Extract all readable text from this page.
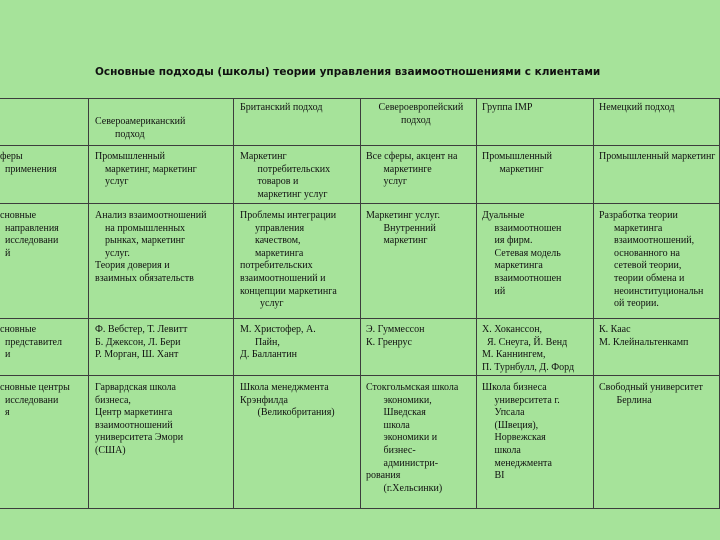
Основные подходы (школы) теории управления взаимоотношениями с клиентами
Североамериканский
подход
Британский подход	Североевропейский
подход
Группа IMP	Немецкий подход
феры
применения
Промышленный
маркетинг, маркетинг
услуг
Маркетинг
потребительских
товаров и
маркетинг услуг
Все сферы, акцент на
маркетинге
услуг
Промышленный
маркетинг
Промышленный маркетинг
сновные
направления
исследовани
й
Анализ взаимоотношений
на промышленных
рынках, маркетинг
услуг.
Теория доверия и
взаимных обязательств
Проблемы интеграции
управления
качеством,
маркетинга
потребительских
взаимоотношений и
концепции маркетинга
услуг
Маркетинг услуг.
Внутренний
маркетинг
Дуальные
взаимоотношен
ия фирм.
Сетевая модель
маркетинга
взаимоотношен
ий
Разработка теории
маркетинга
взаимоотношений,
основанного на
сетевой теории,
теории обмена и
неоинституциональн
ой теории.
сновные
представител
и
Ф. Вебстер, Т. Левитт
Б. Джексон, Л. Бери
Р. Морган, Ш. Хант
М. Христофер, А.
Пайн,
Д. Баллантин
Э. Гуммессон
К. Гренрус
Х. Хоканссон,
Я. Снеуга, Й. Венд
М. Каннингем,
П. Турнбулл, Д. Форд
К. Каас
М. Клейнальтенкамп
сновные центры
исследовани
я
Гарвардская школа
бизнеса,
Центр маркетинга
взаимоотношений
университета Эмори
(США)
Школа менеджмента
Крэнфилда
(Великобритания)
Стокгольмская школа
экономики,
Шведская
школа
экономики и
бизнес-
администри-
рования
(г.Хельсинки)
Школа бизнеса
университета г.
Упсала
(Швеция),
Норвежская
школа
менеджмента
BI
Свободный университет
Берлина
